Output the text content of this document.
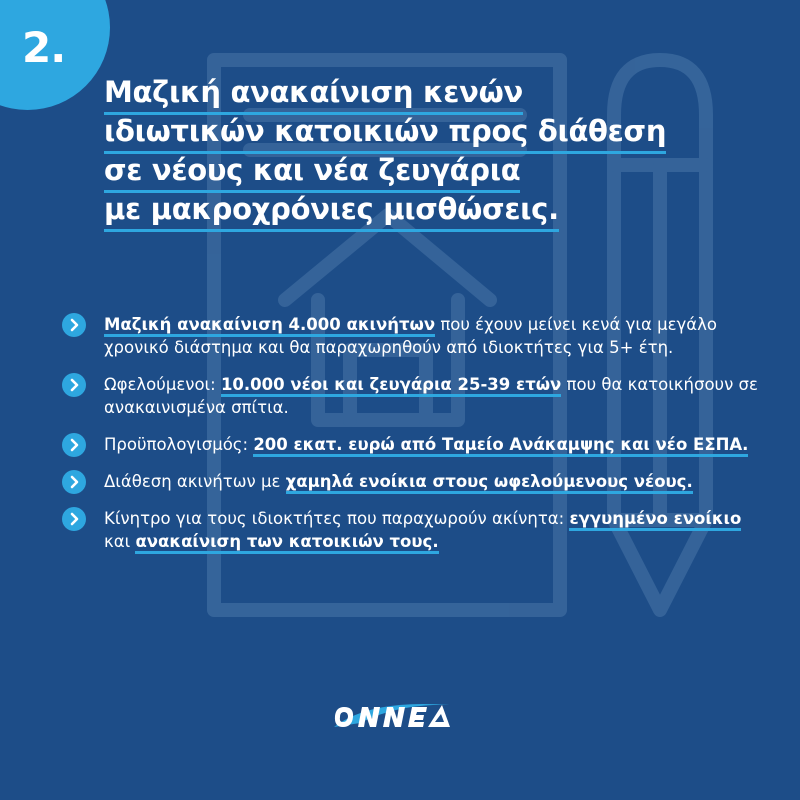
2.
Μαζική ανακαίνιση κενών
ιδιωτικών κατοικιών προς διάθεση
σε νέους και νέα ζευγάρια
με μακροχρόνιες μισθώσεις.
Μαζική ανακαίνιση 4.000 ακινήτων που έχουν μείνει κενά για μεγάλο χρονικό διάστημα και θα παραχωρηθούν από ιδιοκτήτες για 5+ έτη.
Ωφελούμενοι: 10.000 νέοι και ζευγάρια 25-39 ετών που θα κατοικήσουν σε ανακαινισμένα σπίτια.
Προϋπολογισμός: 200 εκατ. ευρώ από Ταμείο Ανάκαμψης και νέο ΕΣΠΑ.
Διάθεση ακινήτων με χαμηλά ενοίκια στους ωφελούμενους νέους.
Κίνητρο για τους ιδιοκτήτες που παραχωρούν ακίνητα: εγγυημένο ενοίκιο και ανακαίνιση των κατοικιών τους.
